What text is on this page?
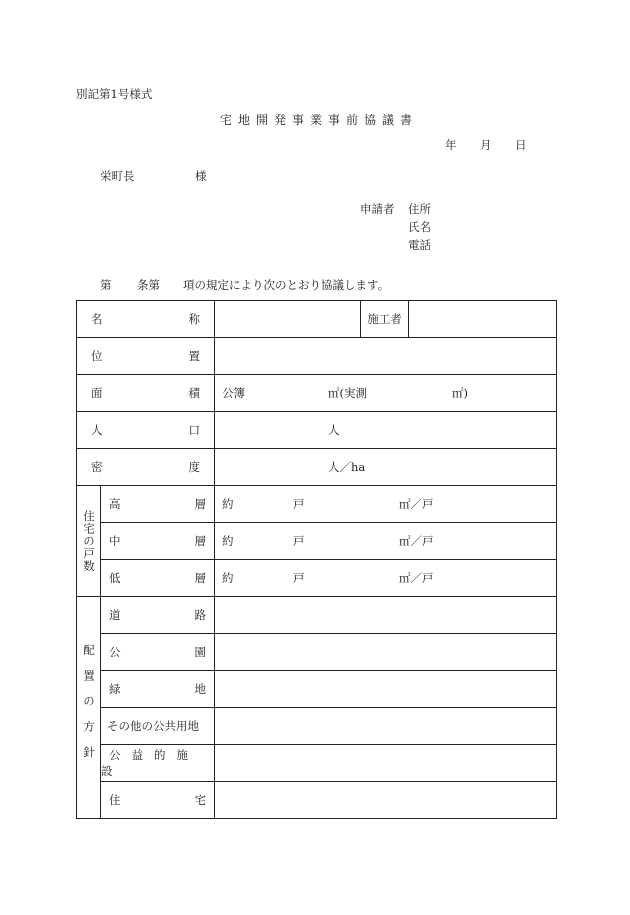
別記第1号様式
宅地開発事業事前協議書
年 月 日
栄町長	様
申請者 住所
氏名
電話
第 条第 項の規定により次のとおり協議します。
名 称			施工者	

位 置				

面 積		公簿 ㎡(実測 ㎡)		

人 口		人		

密 度		人／ha		

住宅の戸数	高 層	約 戸 ㎡／戸		

	中 層	約 戸 ㎡／戸		

	低 層	約 戸 ㎡／戸		

配置の方針	道 路			

	公 園			

	緑 地			

	その他の公共用地			
	公益的施設			

	住 宅			
